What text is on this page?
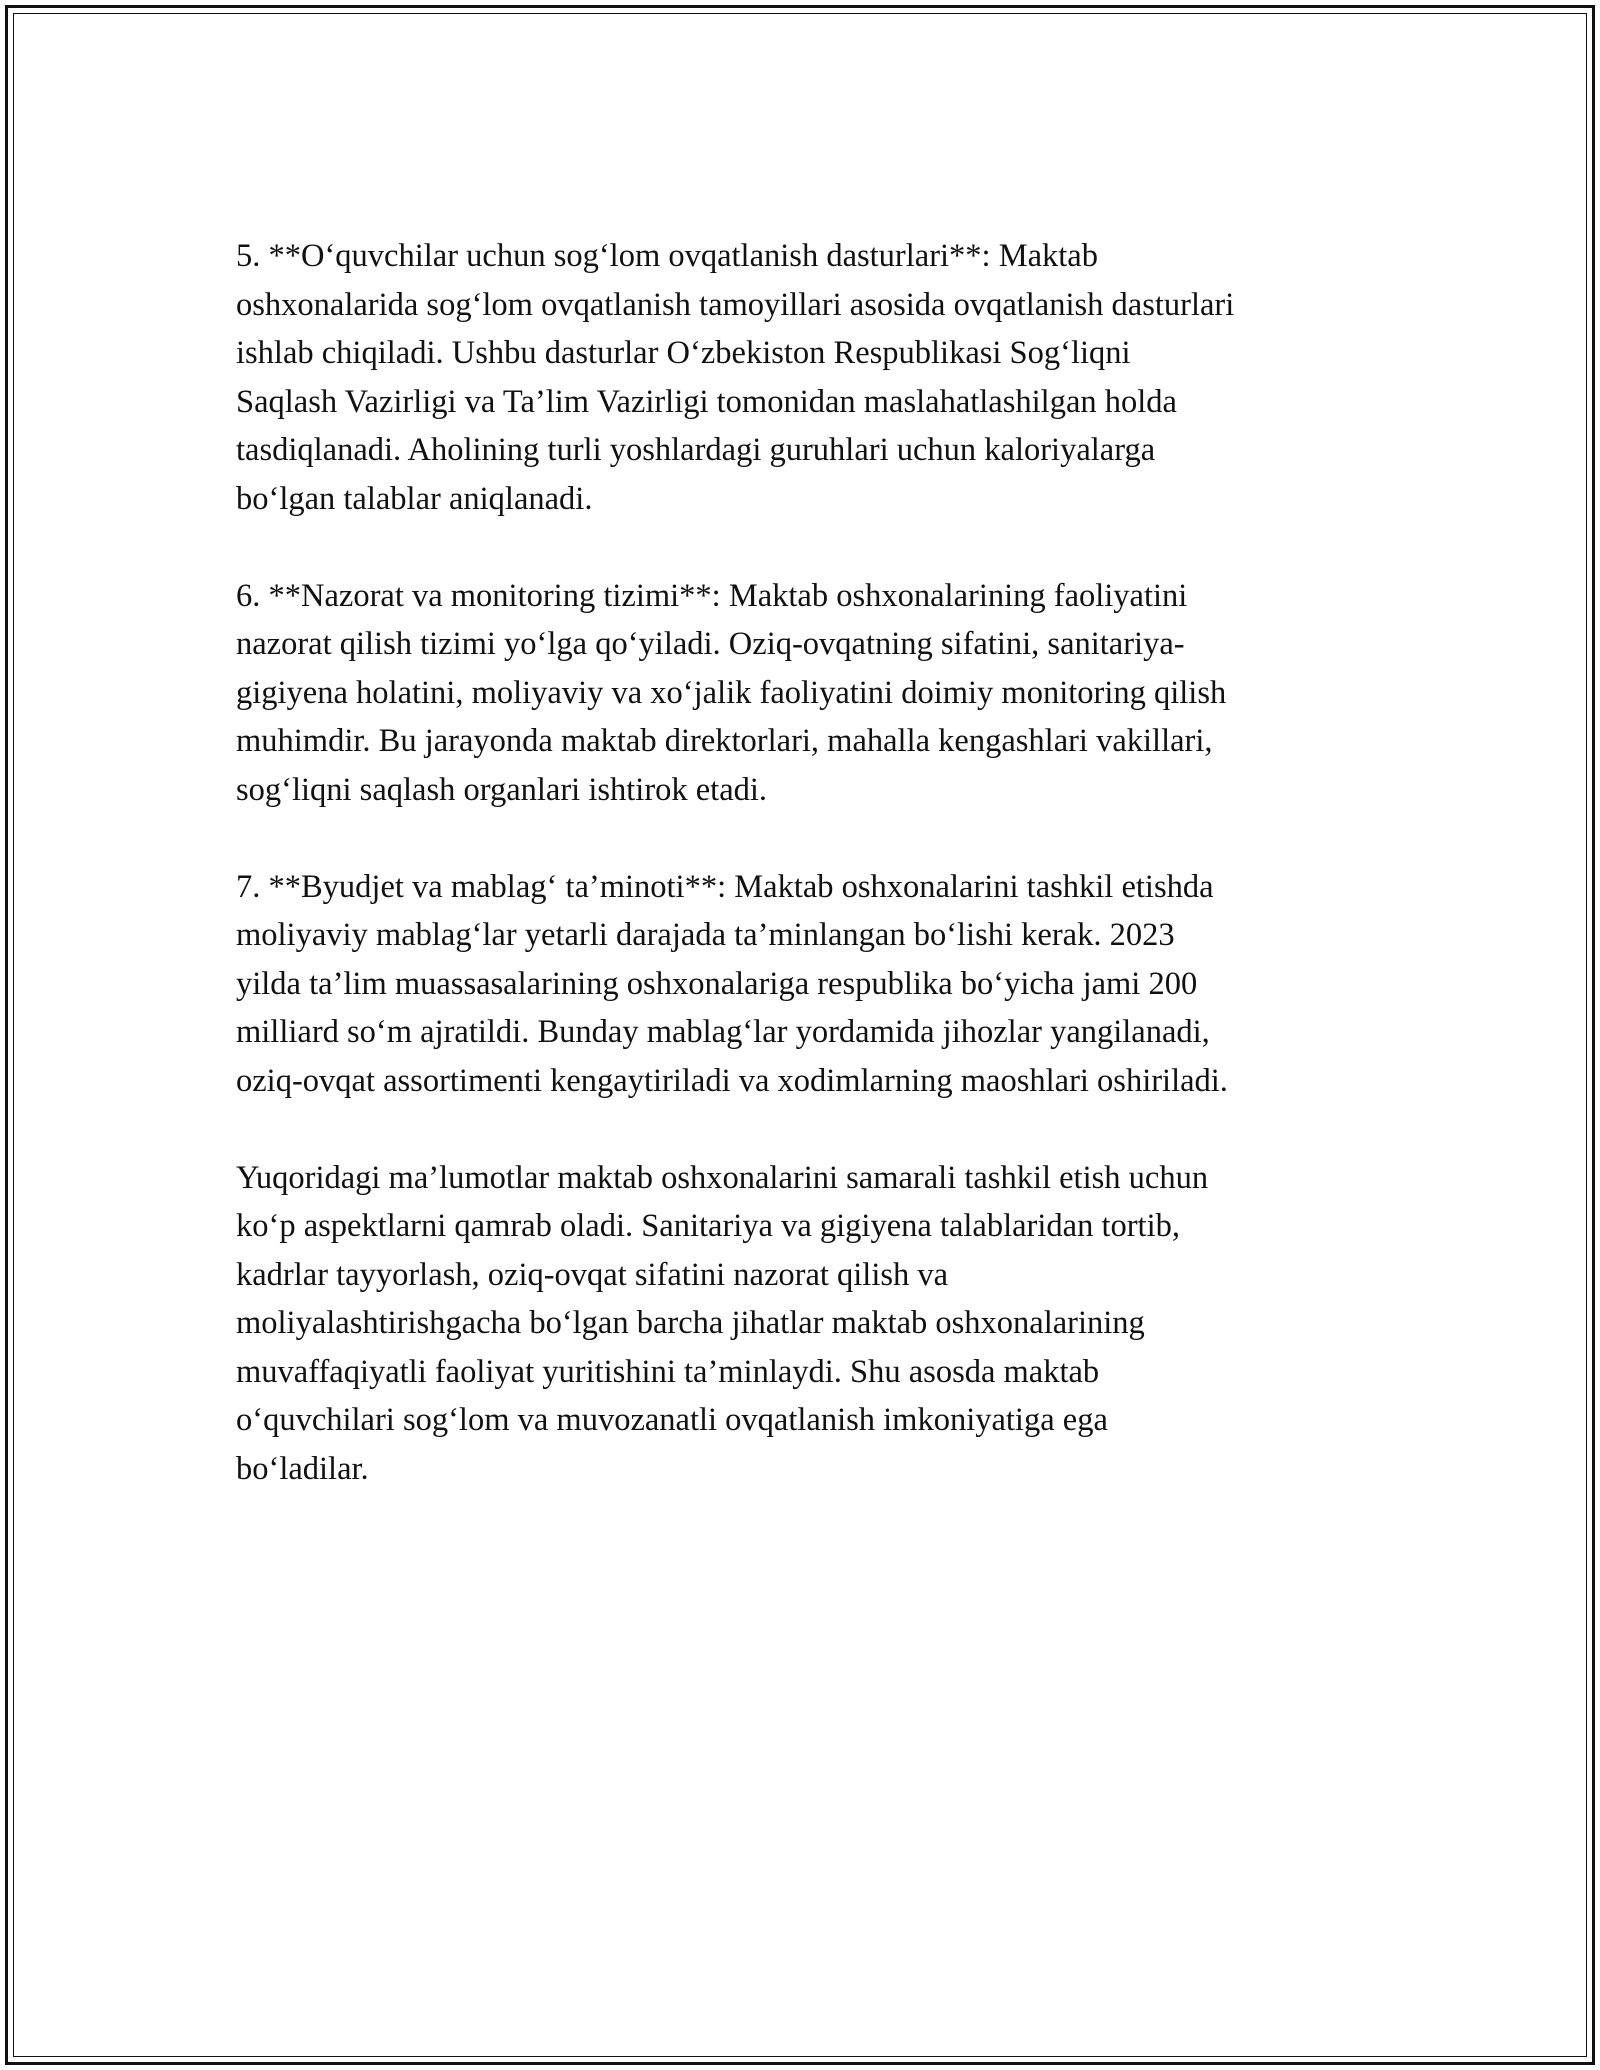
5. **O‘quvchilar uchun sog‘lom ovqatlanish dasturlari**: Maktab
oshxonalarida sog‘lom ovqatlanish tamoyillari asosida ovqatlanish dasturlari
ishlab chiqiladi. Ushbu dasturlar O‘zbekiston Respublikasi Sog‘liqni
Saqlash Vazirligi va Ta’lim Vazirligi tomonidan maslahatlashilgan holda
tasdiqlanadi. Aholining turli yoshlardagi guruhlari uchun kaloriyalarga
bo‘lgan talablar aniqlanadi.

6. **Nazorat va monitoring tizimi**: Maktab oshxonalarining faoliyatini
nazorat qilish tizimi yo‘lga qo‘yiladi. Oziq-ovqatning sifatini, sanitariya-
gigiyena holatini, moliyaviy va xo‘jalik faoliyatini doimiy monitoring qilish
muhimdir. Bu jarayonda maktab direktorlari, mahalla kengashlari vakillari,
sog‘liqni saqlash organlari ishtirok etadi.

7. **Byudjet va mablag‘ ta’minoti**: Maktab oshxonalarini tashkil etishda
moliyaviy mablag‘lar yetarli darajada ta’minlangan bo‘lishi kerak. 2023
yilda ta’lim muassasalarining oshxonalariga respublika bo‘yicha jami 200
milliard so‘m ajratildi. Bunday mablag‘lar yordamida jihozlar yangilanadi,
oziq-ovqat assortimenti kengaytiriladi va xodimlarning maoshlari oshiriladi.

Yuqoridagi ma’lumotlar maktab oshxonalarini samarali tashkil etish uchun
ko‘p aspektlarni qamrab oladi. Sanitariya va gigiyena talablaridan tortib,
kadrlar tayyorlash, oziq-ovqat sifatini nazorat qilish va
moliyalashtirishgacha bo‘lgan barcha jihatlar maktab oshxonalarining
muvaffaqiyatli faoliyat yuritishini ta’minlaydi. Shu asosda maktab
o‘quvchilari sog‘lom va muvozanatli ovqatlanish imkoniyatiga ega
bo‘ladilar.
